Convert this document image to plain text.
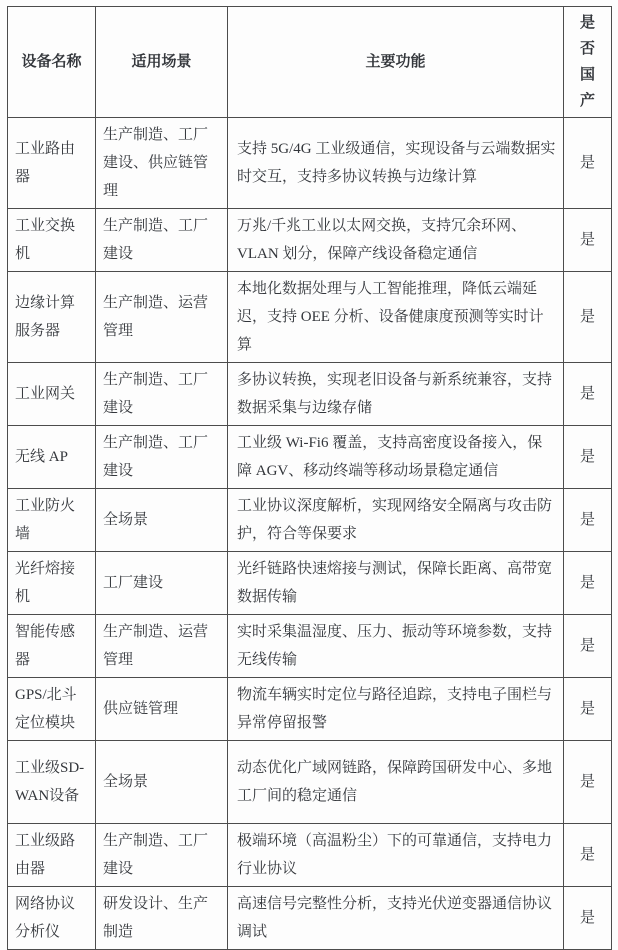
设备名称	适用场景	主要功能	是否国产

工业路由器	生产制造、工厂建设、供应链管理	支持 5G/4G 工业级通信，实现设备与云端数据实时交互，支持多协议转换与边缘计算	是
工业交换机	生产制造、工厂建设	万兆/千兆工业以太网交换，支持冗余环网、VLAN 划分，保障产线设备稳定通信	是
边缘计算服务器	生产制造、运营管理	本地化数据处理与人工智能推理，降低云端延迟，支持 OEE 分析、设备健康度预测等实时计算	是
工业网关	生产制造、工厂建设	多协议转换，实现老旧设备与新系统兼容，支持数据采集与边缘存储	是
无线 AP	生产制造、工厂建设	工业级 Wi-Fi6 覆盖，支持高密度设备接入，保障 AGV、移动终端等移动场景稳定通信	是
工业防火墙	全场景	工业协议深度解析，实现网络安全隔离与攻击防护，符合等保要求	是
光纤熔接机	工厂建设	光纤链路快速熔接与测试，保障长距离、高带宽数据传输	是
智能传感器	生产制造、运营管理	实时采集温湿度、压力、振动等环境参数，支持无线传输	是
GPS/北斗定位模块	供应链管理	物流车辆实时定位与路径追踪，支持电子围栏与异常停留报警	是
工业级SD-WAN设备	全场景	动态优化广域网链路，保障跨国研发中心、多地工厂间的稳定通信	是
工业级路由器	生产制造、工厂建设	极端环境（高温粉尘）下的可靠通信，支持电力行业协议	是
网络协议分析仪	研发设计、生产制造	高速信号完整性分析，支持光伏逆变器通信协议调试	是
